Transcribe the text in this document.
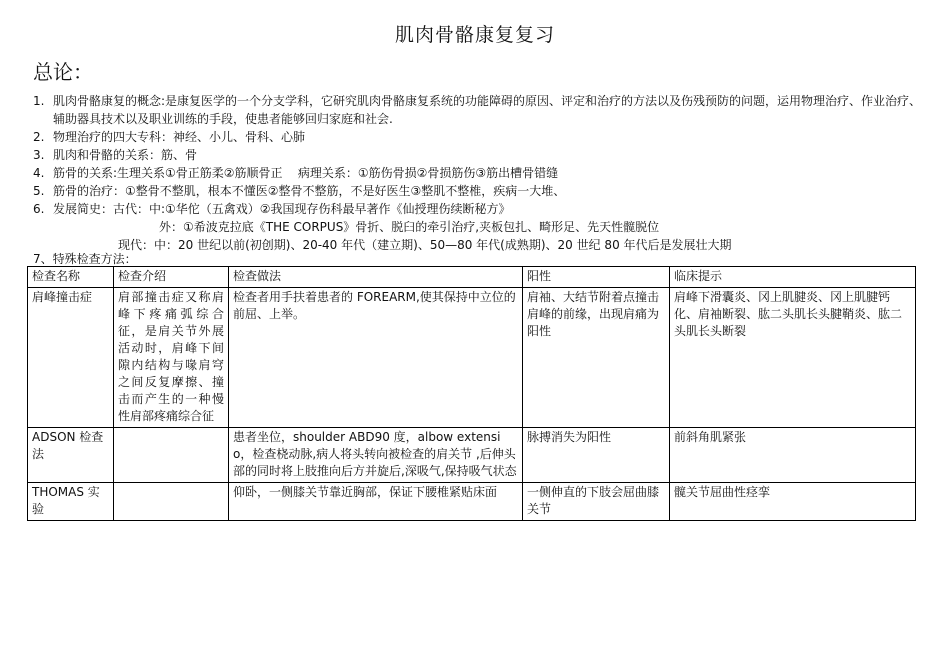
肌肉骨骼康复复习
总论：
1. 肌肉骨骼康复的概念:是康复医学的一个分支学科，它研究肌肉骨骼康复系统的功能障碍的原因、评定和治疗的方法以及伤残预防的问题，运用物理治疗、作业治疗、辅助器具技术以及职业训练的手段，使患者能够回归家庭和社会.
2. 物理治疗的四大专科：神经、小儿、骨科、心肺
3. 肌肉和骨骼的关系：筋、骨
4. 筋骨的关系:生理关系①骨正筋柔②筋顺骨正    病理关系：①筋伤骨损②骨损筋伤③筋出槽骨错缝
5. 筋骨的治疗：①整骨不整肌，根本不懂医②整骨不整筋，不是好医生③整肌不整椎，疾病一大堆、
6. 发展简史：古代：中:①华佗（五禽戏）②我国现存伤科最早著作《仙授理伤续断秘方》
外：①希波克拉底《THE CORPUS》骨折、脱臼的牵引治疗,夹板包扎、畸形足、先天性髋脱位
现代：中：20 世纪以前(初创期)、20-40 年代（建立期)、50—80 年代(成熟期)、20 世纪 80 年代后是发展壮大期
7、特殊检查方法：
检查名称	检查介绍	检查做法	阳性	临床提示
肩峰撞击症	肩部撞击症又称肩峰下疼痛弧综合征，是肩关节外展活动时，肩峰下间隙内结构与喙肩穹之间反复摩擦、撞击而产生的一种慢性肩部疼痛综合征	检查者用手扶着患者的 FOREARM,使其保持中立位的前屈、上举。	肩袖、大结节附着点撞击肩峰的前缘，出现肩痛为阳性	肩峰下滑囊炎、冈上肌腱炎、冈上肌腱钙化、肩袖断裂、肱二头肌长头腱鞘炎、肱二头肌长头断裂
ADSON 检查法		患者坐位，shoulder ABD90 度，albow extensio，检查桡动脉,病人将头转向被检查的肩关节 ,后伸头部的同时将上肢推向后方并旋后,深吸气,保持吸气状态	脉搏消失为阳性	前斜角肌紧张
THOMAS 实验		仰卧，一侧膝关节靠近胸部，保证下腰椎紧贴床面	一侧伸直的下肢会屈曲膝关节	髋关节屈曲性痉挛
